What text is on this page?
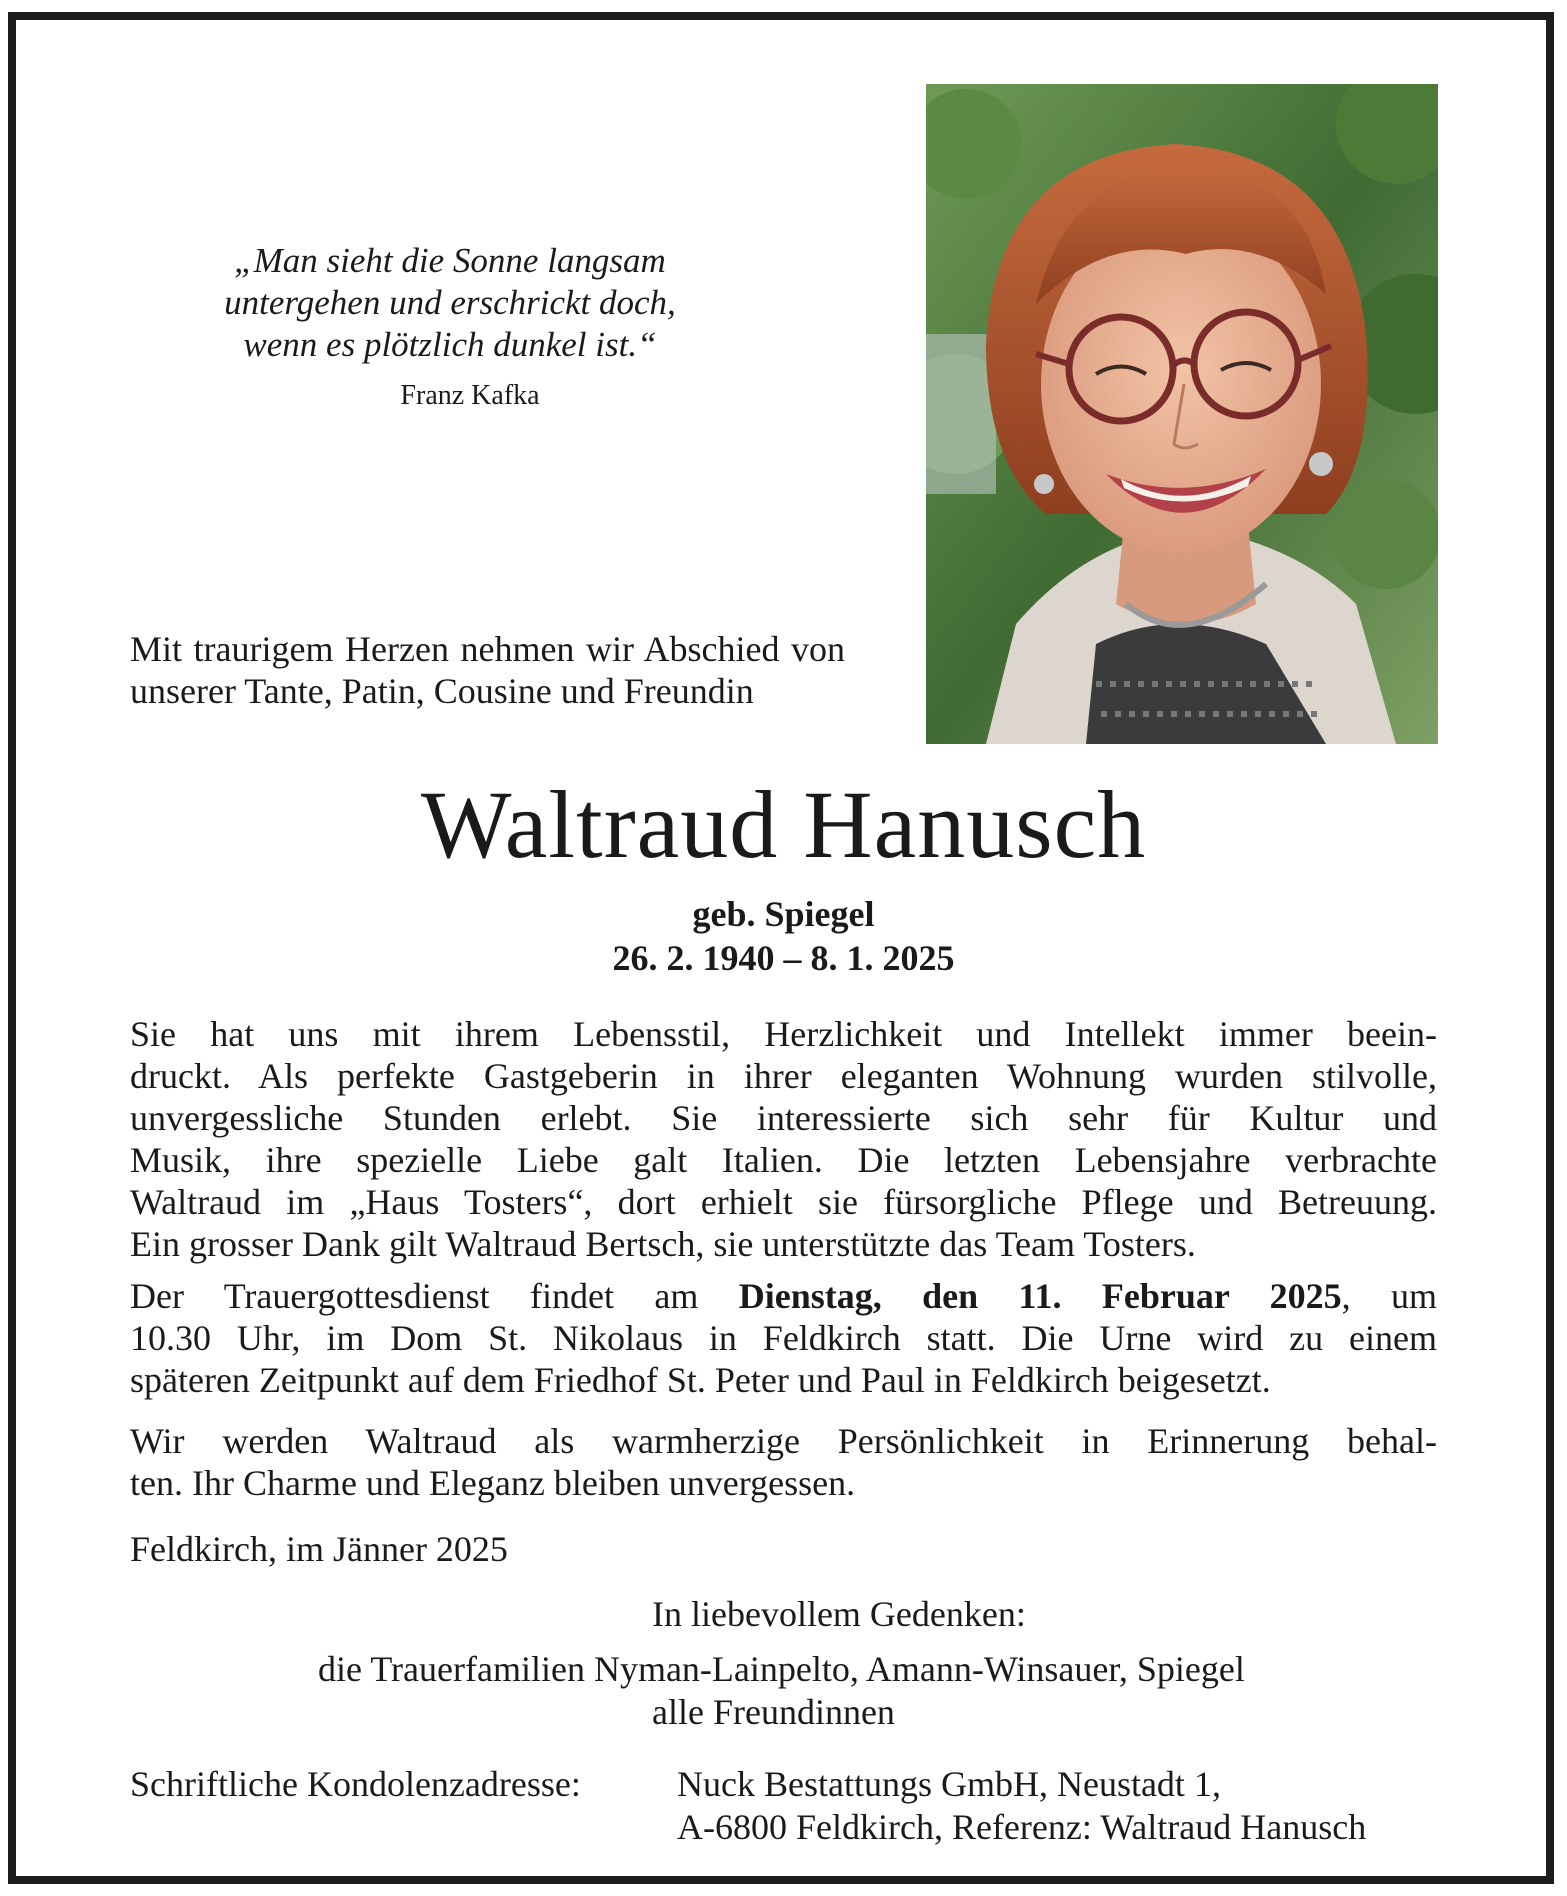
„Man sieht die Sonne langsam
untergehen und erschrickt doch,
wenn es plötzlich dunkel ist.“
Franz Kafka
Mit traurigem Herzen nehmen wir Abschied von unserer Tante, Patin, Cousine und Freundin
Waltraud Hanusch
geb. Spiegel
26. 2. 1940 – 8. 1. 2025
Sie hat uns mit ihrem Lebensstil, Herzlichkeit und Intellekt immer beein-
druckt. Als perfekte Gastgeberin in ihrer eleganten Wohnung wurden stilvolle,
unvergessliche Stunden erlebt. Sie interessierte sich sehr für Kultur und
Musik, ihre spezielle Liebe galt Italien. Die letzten Lebensjahre verbrachte
Waltraud im „Haus Tosters“, dort erhielt sie fürsorgliche Pflege und Betreuung.
Ein grosser Dank gilt Waltraud Bertsch, sie unterstützte das Team Tosters.
Der Trauergottesdienst findet am Dienstag, den 11. Februar 2025, um
10.30 Uhr, im Dom St. Nikolaus in Feldkirch statt. Die Urne wird zu einem
späteren Zeitpunkt auf dem Friedhof St. Peter und Paul in Feldkirch beigesetzt.
Wir werden Waltraud als warmherzige Persönlichkeit in Erinnerung behal-
ten. Ihr Charme und Eleganz bleiben unvergessen.
Feldkirch, im Jänner 2025
In liebevollem Gedenken:
die Trauerfamilien Nyman-Lainpelto, Amann-Winsauer, Spiegel
alle Freundinnen
Schriftliche Kondolenzadresse:	Nuck Bestattungs GmbH, Neustadt 1,
A-6800 Feldkirch, Referenz: Waltraud Hanusch
